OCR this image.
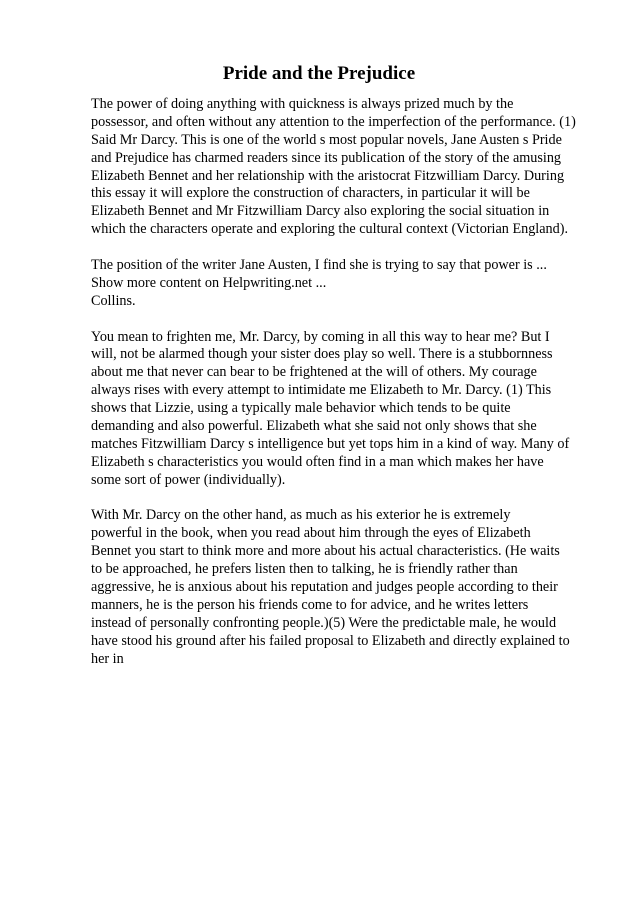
Pride and the Prejudice
The power of doing anything with quickness is always prized much by the
possessor, and often without any attention to the imperfection of the performance. (1)
Said Mr Darcy. This is one of the world s most popular novels, Jane Austen s Pride
and Prejudice has charmed readers since its publication of the story of the amusing
Elizabeth Bennet and her relationship with the aristocrat Fitzwilliam Darcy. During
this essay it will explore the construction of characters, in particular it will be
Elizabeth Bennet and Mr Fitzwilliam Darcy also exploring the social situation in
which the characters operate and exploring the cultural context (Victorian England).
The position of the writer Jane Austen, I find she is trying to say that power is ...
Show more content on Helpwriting.net ...
Collins.
You mean to frighten me, Mr. Darcy, by coming in all this way to hear me? But I
will, not be alarmed though your sister does play so well. There is a stubbornness
about me that never can bear to be frightened at the will of others. My courage
always rises with every attempt to intimidate me Elizabeth to Mr. Darcy. (1) This
shows that Lizzie, using a typically male behavior which tends to be quite
demanding and also powerful. Elizabeth what she said not only shows that she
matches Fitzwilliam Darcy s intelligence but yet tops him in a kind of way. Many of
Elizabeth s characteristics you would often find in a man which makes her have
some sort of power (individually).
With Mr. Darcy on the other hand, as much as his exterior he is extremely
powerful in the book, when you read about him through the eyes of Elizabeth
Bennet you start to think more and more about his actual characteristics. (He waits
to be approached, he prefers listen then to talking, he is friendly rather than
aggressive, he is anxious about his reputation and judges people according to their
manners, he is the person his friends come to for advice, and he writes letters
instead of personally confronting people.)(5) Were the predictable male, he would
have stood his ground after his failed proposal to Elizabeth and directly explained to
her in
